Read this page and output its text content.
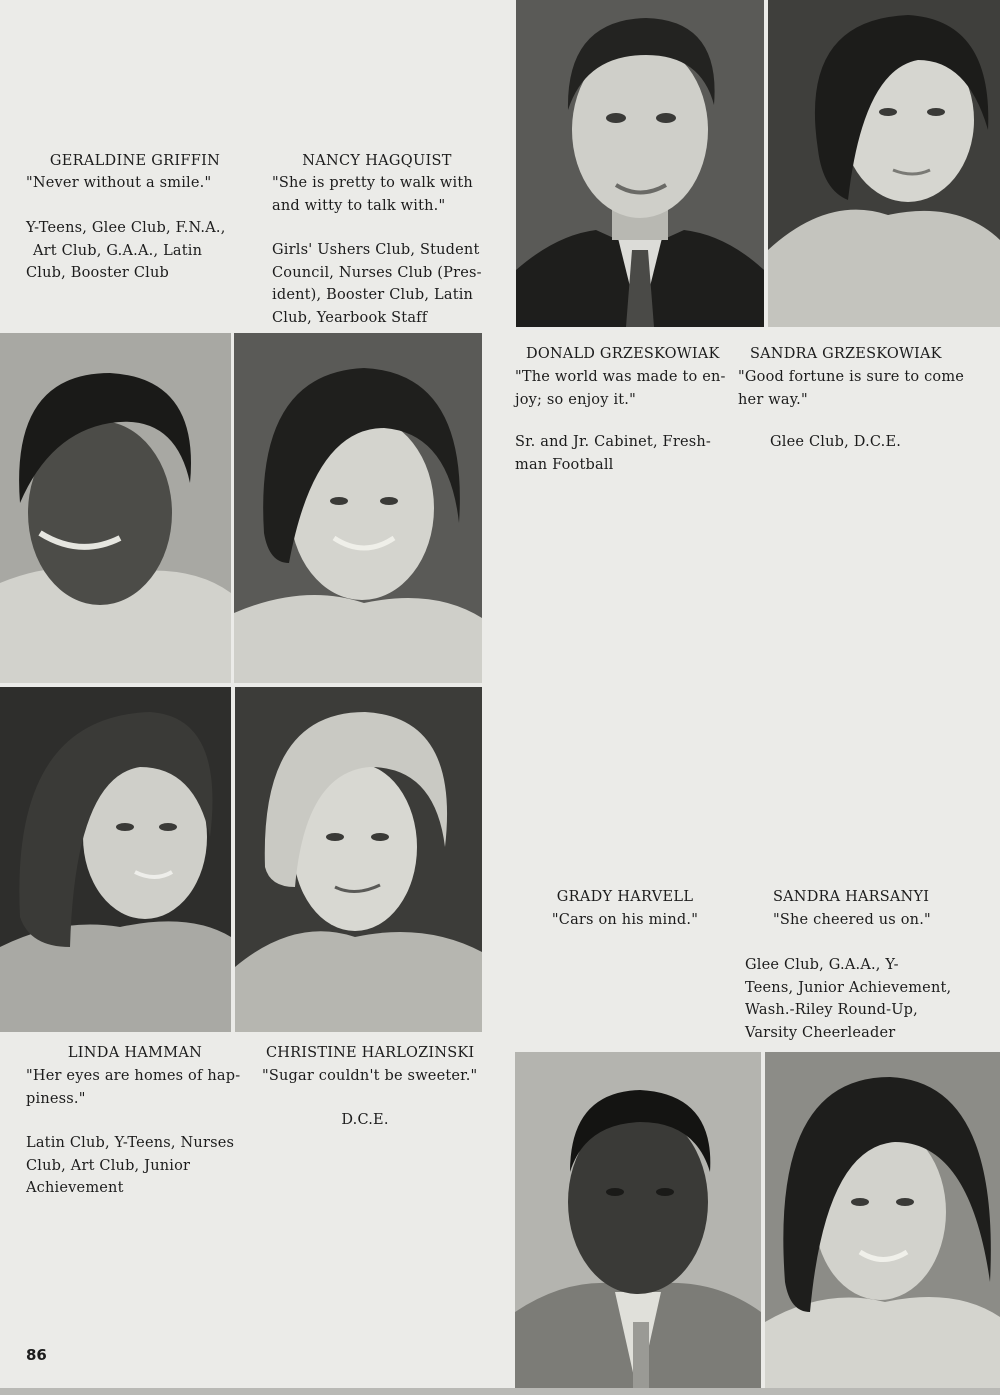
GERALDINE GRIFFIN
"Never without a smile."
Y-Teens, Glee Club, F.N.A.,
Art Club, G.A.A., Latin
Club, Booster Club
NANCY HAGQUIST
"She is pretty to walk with
and witty to talk with."
Girls' Ushers Club, Student
Council, Nurses Club (Pres-
ident), Booster Club, Latin
Club, Yearbook Staff
DONALD GRZESKOWIAK
"The world was made to en-
joy; so enjoy it."
Sr. and Jr. Cabinet, Fresh-
man Football
SANDRA GRZESKOWIAK
"Good fortune is sure to come
her way."
Glee Club, D.C.E.
GRADY HARVELL
"Cars on his mind."
SANDRA HARSANYI
"She cheered us on."
Glee Club, G.A.A., Y-
Teens, Junior Achievement,
Wash.-Riley Round-Up,
Varsity Cheerleader
LINDA HAMMAN
"Her eyes are homes of hap-
piness."
Latin Club, Y-Teens, Nurses
Club, Art Club, Junior
Achievement
CHRISTINE HARLOZINSKI
"Sugar couldn't be sweeter."
D.C.E.
86
